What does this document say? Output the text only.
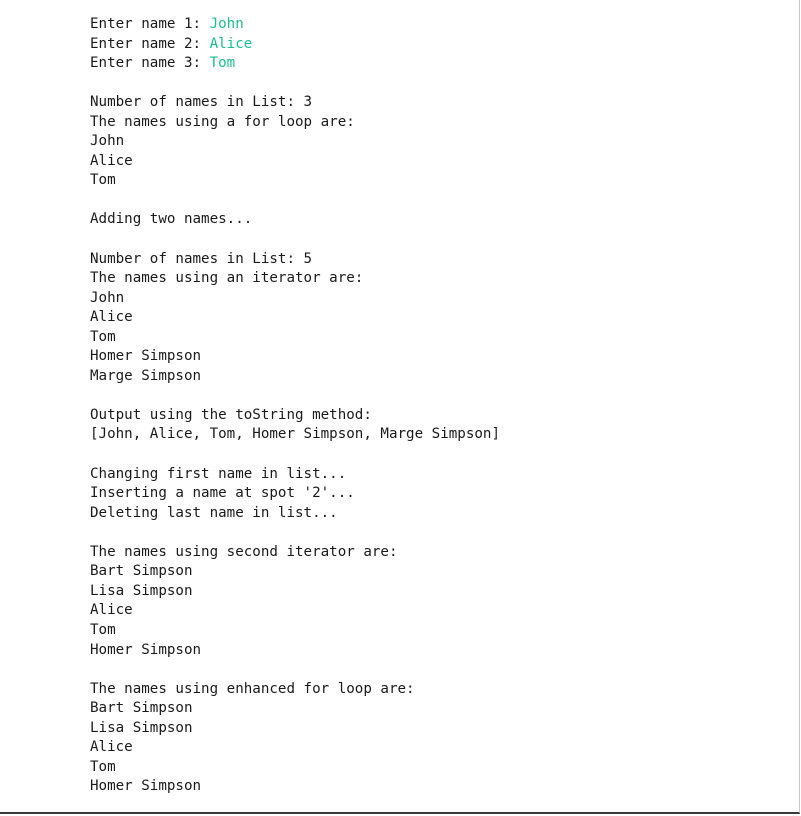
Enter name 1: John
Enter name 2: Alice
Enter name 3: Tom
Number of names in List: 3
The names using a for loop are:
John
Alice
Tom
Adding two names...
Number of names in List: 5
The names using an iterator are:
John
Alice
Tom
Homer Simpson
Marge Simpson
Output using the toString method:
[John, Alice, Tom, Homer Simpson, Marge Simpson]
Changing first name in list...
Inserting a name at spot '2'...
Deleting last name in list...
The names using second iterator are:
Bart Simpson
Lisa Simpson
Alice
Tom
Homer Simpson
The names using enhanced for loop are:
Bart Simpson
Lisa Simpson
Alice
Tom
Homer Simpson
